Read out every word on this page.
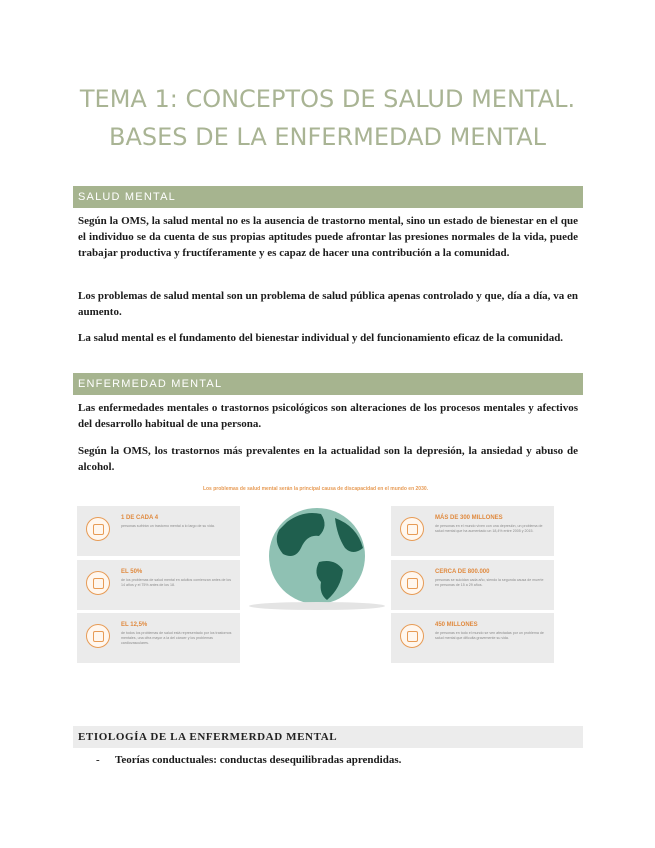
TEMA 1: CONCEPTOS DE SALUD MENTAL.
BASES DE LA ENFERMEDAD MENTAL
SALUD MENTAL

Según la OMS, la salud mental no es la ausencia de trastorno mental, sino un estado de bienestar en el que el individuo se da cuenta de sus propias aptitudes puede afrontar las presiones normales de la vida, puede trabajar productiva y fructíferamente y es capaz de hacer una contribución a la comunidad.

Los problemas de salud mental son un problema de salud pública apenas controlado y que, día a día, va en aumento.

La salud mental es el fundamento del bienestar individual y del funcionamiento eficaz de la comunidad.

ENFERMEDAD MENTAL

Las enfermedades mentales o trastornos psicológicos son alteraciones de los procesos mentales y afectivos del desarrollo habitual de una persona.

Según la OMS, los trastornos más prevalentes en la actualidad son la depresión, la ansiedad y abuso de alcohol.

Los problemas de salud mental serán la principal causa de discapacidad en el mundo en 2030.
1 DE CADA 4
personas sufrirán un trastorno mental a lo largo de su vida.
EL 50%
de los problemas de salud mental en adultos comienzan antes de los 14 años y el 75% antes de los 18.
EL 12,5%
de todos los problemas de salud está representado por los trastornos mentales, una cifra mayor a la del cáncer y los problemas cardiovasculares.
MÁS DE 300 MILLONES
de personas en el mundo viven con una depresión, un problema de salud mental que ha aumentado un 18,4% entre 2005 y 2015.
CERCA DE 800.000
personas se suicidan cada año, siendo la segunda causa de muerte en personas de 15 a 29 años.
450 MILLONES
de personas en todo el mundo se ven afectadas por un problema de salud mental que dificulta gravemente su vida.
ETIOLOGÍA DE LA ENFERMERDAD MENTAL
- Teorías conductuales: conductas desequilibradas aprendidas.
